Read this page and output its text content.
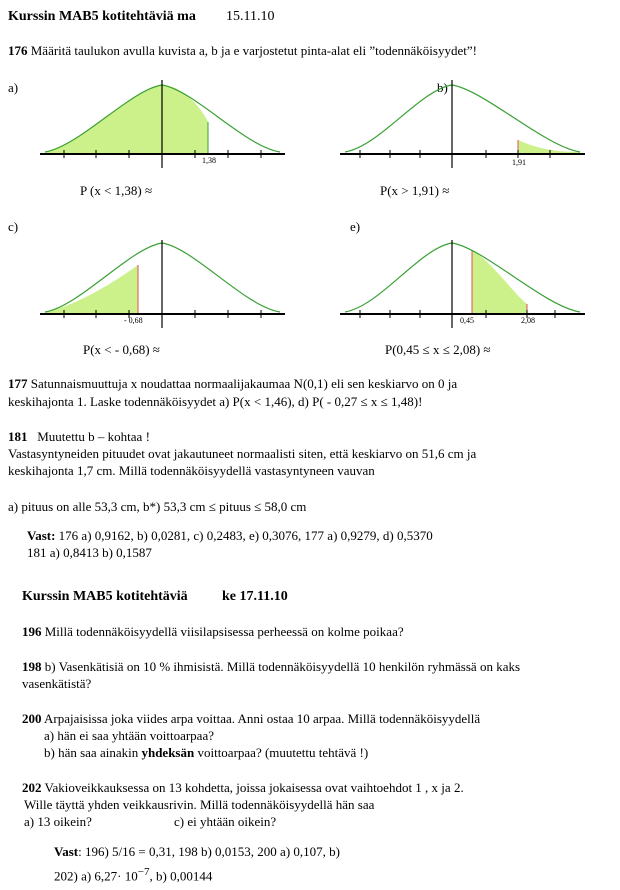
Kurssin MAB5 kotitehtäviä ma 15.11.10
176 Määritä taulukon avulla kuvista a, b ja e varjostetut pinta-alat eli ”todennäköisyydet”!
a)
1,38
P (x < 1,38) ≈
b)
1,91
P(x > 1,91) ≈
c)
- 0,68
P(x < - 0,68) ≈
e)
0,45	2,08
P(0,45 ≤ x ≤ 2,08) ≈
177 Satunnaismuuttuja x noudattaa normaalijakaumaa N(0,1) eli sen keskiarvo on 0 ja
keskihajonta 1. Laske todennäköisyydet a) P(x < 1,46), d) P( - 0,27 ≤ x ≤ 1,48)!
181 Muutettu b – kohtaa !
Vastasyntyneiden pituudet ovat jakautuneet normaalisti siten, että keskiarvo on 51,6 cm ja
keskihajonta 1,7 cm. Millä todennäköisyydellä vastasyntyneen vauvan
a) pituus on alle 53,3 cm, b*) 53,3 cm ≤ pituus ≤ 58,0 cm
Vast: 176 a) 0,9162, b) 0,0281, c) 0,2483, e) 0,3076, 177 a) 0,9279, d) 0,5370
181 a) 0,8413 b) 0,1587
Kurssin MAB5 kotitehtäviä ke 17.11.10
196 Millä todennäköisyydellä viisilapsisessa perheessä on kolme poikaa?
198 b) Vasenkätisiä on 10 % ihmisistä. Millä todennäköisyydellä 10 henkilön ryhmässä on kaks
vasenkätistä?
200 Arpajaisissa joka viides arpa voittaa. Anni ostaa 10 arpaa. Millä todennäköisyydellä
a) hän ei saa yhtään voittoarpaa?
b) hän saa ainakin yhdeksän voittoarpaa? (muutettu tehtävä !)
202 Vakioveikkauksessa on 13 kohdetta, joissa jokaisessa ovat vaihtoehdot 1 , x ja 2.
Wille täyttä yhden veikkausrivin. Millä todennäköisyydellä hän saa
a) 13 oikein?	c) ei yhtään oikein?
Vast: 196) 5/16 = 0,31, 198 b) 0,0153, 200 a) 0,107, b)
202) a) $6,27\cdot 10^{-7}$, b) 0,00144
